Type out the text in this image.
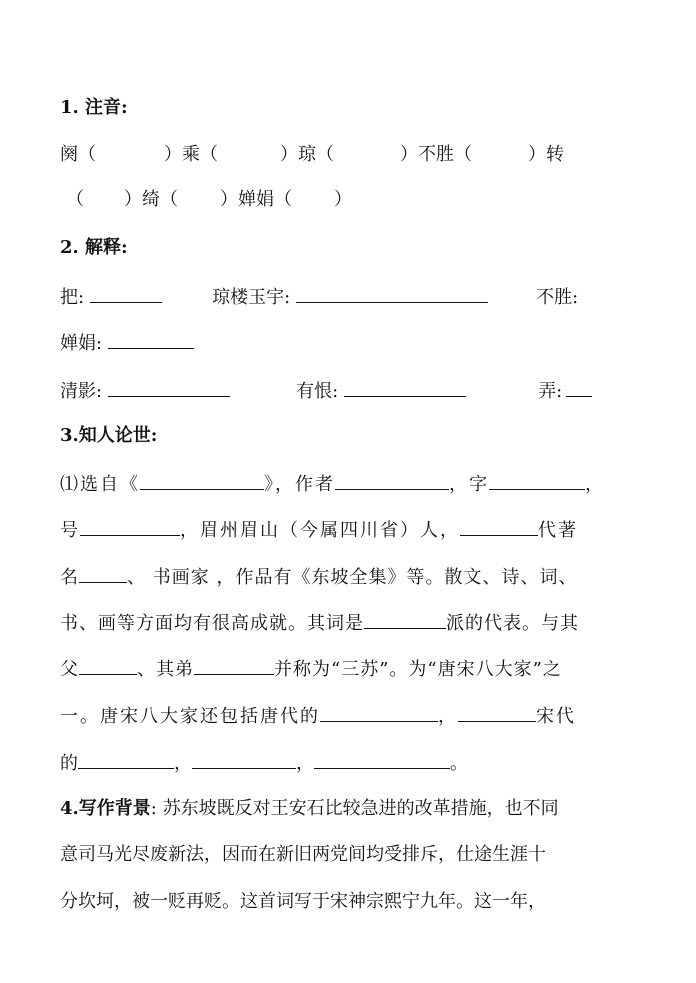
1. 注音:
阕（	）乘（	）琼（	）不胜（	）转
（ ）绮（ ）婵娟（ ）
2. 解释:
把:	琼楼玉宇:	不胜:
婵娟:
清影:	有恨:	弄:
3.知人论世:
⑴选自《	》，作者	，字	，
号	，眉州眉山（今属四川省）人，	代著
名	、 书画家 ，作品有《东坡全集》等。散文、诗、词、
书、画等方面均有很高成就。其词是	派的代表。与其
父	、其弟	并称为“三苏”。为“唐宋八大家”之
一。唐宋八大家还包括唐代的	，	宋代
的	，	，	。
4.写作背景: 苏东坡既反对王安石比较急进的改革措施，也不同
意司马光尽废新法，因而在新旧两党间均受排斥，仕途生涯十
分坎坷，被一贬再贬。这首词写于宋神宗熙宁九年。这一年，
